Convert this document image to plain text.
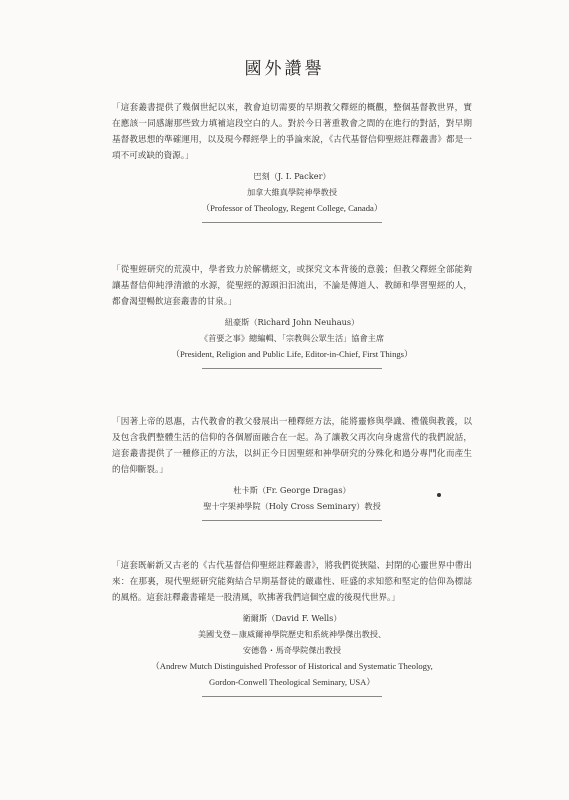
國外讚譽

「這套叢書提供了幾個世紀以來，教會迫切需要的早期教父釋經的概觀，整個基督教世界，實在應該一同感謝那些致力填補這段空白的人。對於今日著重教會之間的在進行的對話，對早期基督教思想的準確運用，以及現今釋經學上的爭論來說，《古代基督信仰聖經註釋叢書》都是一項不可或缺的資源。」

巴刻（J. I. Packer）
加拿大維真學院神學教授
（Professor of Theology, Regent College, Canada）

「從聖經研究的荒漠中，學者致力於解構經文，或探究文本背後的意義；但教父釋經全部能夠讓基督信仰純淨清澈的水源，從聖經的源頭汩汩流出，不論是傳道人、教師和學習聖經的人，都會渴望暢飲這套叢書的甘泉。」

紐豪斯（Richard John Neuhaus）
《首要之事》總編輯、「宗教與公眾生活」協會主席
（President, Religion and Public Life, Editor-in-Chief, First Things）

「因著上帝的恩惠，古代教會的教父發展出一種釋經方法，能將靈修與學識、禮儀與教義，以及包含我們整體生活的信仰的各個層面融合在一起。為了讓教父再次向身處當代的我們說話，這套叢書提供了一種修正的方法，以糾正今日因聖經和神學研究的分殊化和過分專門化而產生的信仰斷裂。」

杜卡斯（Fr. George Dragas）
聖十字架神學院（Holy Cross Seminary）教授

「這套既嶄新又古老的《古代基督信仰聖經註釋叢書》，將我們從狹隘、封閉的心靈世界中帶出來：在那裏，現代聖經研究能夠結合早期基督徒的嚴肅性、旺盛的求知慾和堅定的信仰為標誌的風格。這套註釋叢書確是一股清風，吹拂著我們這個空虛的後現代世界。」

衛爾斯（David F. Wells）
美國戈登－康威爾神學院歷史和系統神學傑出教授、
安德魯・馬奇學院傑出教授
（Andrew Mutch Distinguished Professor of Historical and Systematic Theology,
Gordon-Conwell Theological Seminary, USA）
